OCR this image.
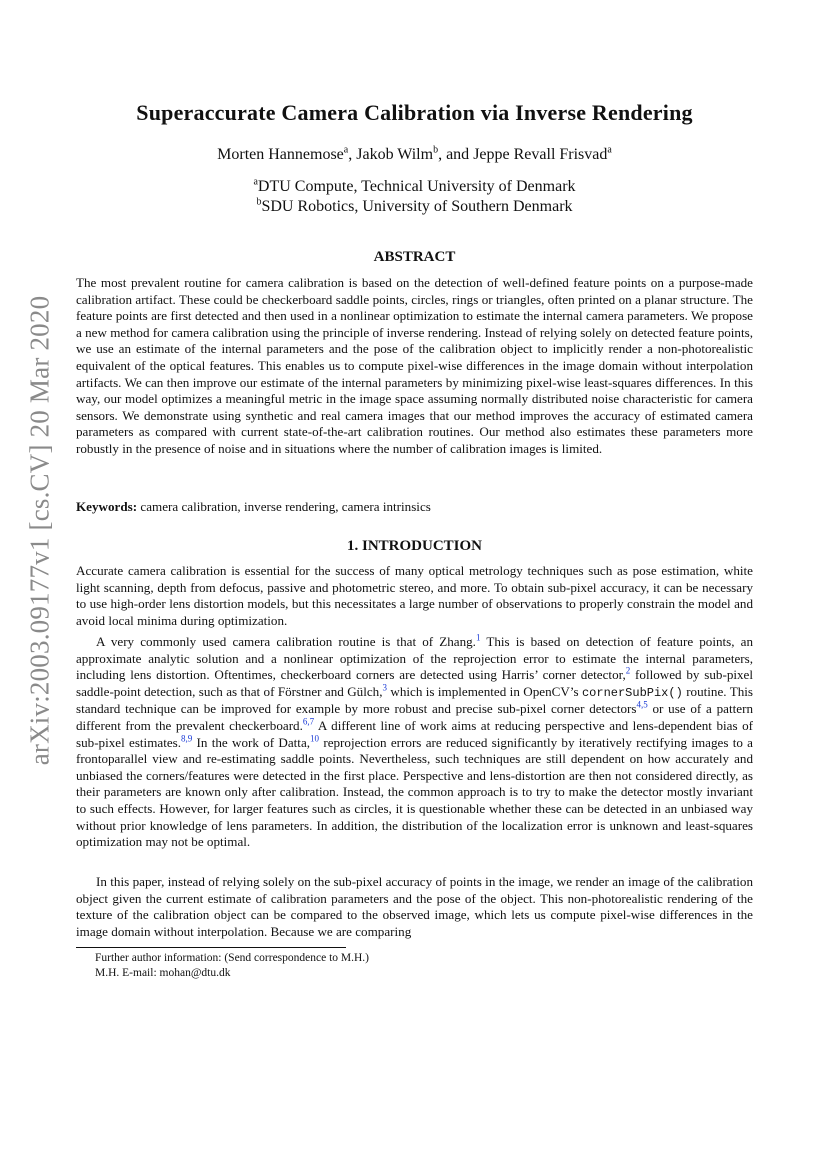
arXiv:2003.09177v1 [cs.CV] 20 Mar 2020
Superaccurate Camera Calibration via Inverse Rendering
Morten Hannemose$^a$, Jakob Wilm$^b$, and Jeppe Revall Frisvad$^a$
$^a$DTU Compute, Technical University of Denmark
$^b$SDU Robotics, University of Southern Denmark
ABSTRACT

The most prevalent routine for camera calibration is based on the detection of well-defined feature points on a purpose-made calibration artifact. These could be checkerboard saddle points, circles, rings or triangles, often printed on a planar structure. The feature points are first detected and then used in a nonlinear optimization to estimate the internal camera parameters. We propose a new method for camera calibration using the principle of inverse rendering. Instead of relying solely on detected feature points, we use an estimate of the internal parameters and the pose of the calibration object to implicitly render a non-photorealistic equivalent of the optical features. This enables us to compute pixel-wise differences in the image domain without interpolation artifacts. We can then improve our estimate of the internal parameters by minimizing pixel-wise least-squares differences. In this way, our model optimizes a meaningful metric in the image space assuming normally distributed noise characteristic for camera sensors. We demonstrate using synthetic and real camera images that our method improves the accuracy of estimated camera parameters as compared with current state-of-the-art calibration routines. Our method also estimates these parameters more robustly in the presence of noise and in situations where the number of calibration images is limited.

Keywords: camera calibration, inverse rendering, camera intrinsics

1. INTRODUCTION

Accurate camera calibration is essential for the success of many optical metrology techniques such as pose estimation, white light scanning, depth from defocus, passive and photometric stereo, and more. To obtain sub-pixel accuracy, it can be necessary to use high-order lens distortion models, but this necessitates a large number of observations to properly constrain the model and avoid local minima during optimization.

A very commonly used camera calibration routine is that of Zhang.$^1$ This is based on detection of feature points, an approximate analytic solution and a nonlinear optimization of the reprojection error to estimate the internal parameters, including lens distortion. Oftentimes, checkerboard corners are detected using Harris’ corner detector,$^2$ followed by sub-pixel saddle-point detection, such as that of Förstner and Gülch,$^3$ which is implemented in OpenCV’s cornerSubPix() routine. This standard technique can be improved for example by more robust and precise sub-pixel corner detectors$^{4,5}$ or use of a pattern different from the prevalent checkerboard.$^{6,7}$ A different line of work aims at reducing perspective and lens-dependent bias of sub-pixel estimates.$^{8,9}$ In the work of Datta,$^{10}$ reprojection errors are reduced significantly by iteratively rectifying images to a frontoparallel view and re-estimating saddle points. Nevertheless, such techniques are still dependent on how accurately and unbiased the corners/features were detected in the first place. Perspective and lens-distortion are then not considered directly, as their parameters are known only after calibration. Instead, the common approach is to try to make the detector mostly invariant to such effects. However, for larger features such as circles, it is questionable whether these can be detected in an unbiased way without prior knowledge of lens parameters. In addition, the distribution of the localization error is unknown and least-squares optimization may not be optimal.

In this paper, instead of relying solely on the sub-pixel accuracy of points in the image, we render an image of the calibration object given the current estimate of calibration parameters and the pose of the object. This non-photorealistic rendering of the texture of the calibration object can be compared to the observed image, which lets us compute pixel-wise differences in the image domain without interpolation. Because we are comparing

Further author information: (Send correspondence to M.H.)
M.H. E-mail: mohan@dtu.dk
